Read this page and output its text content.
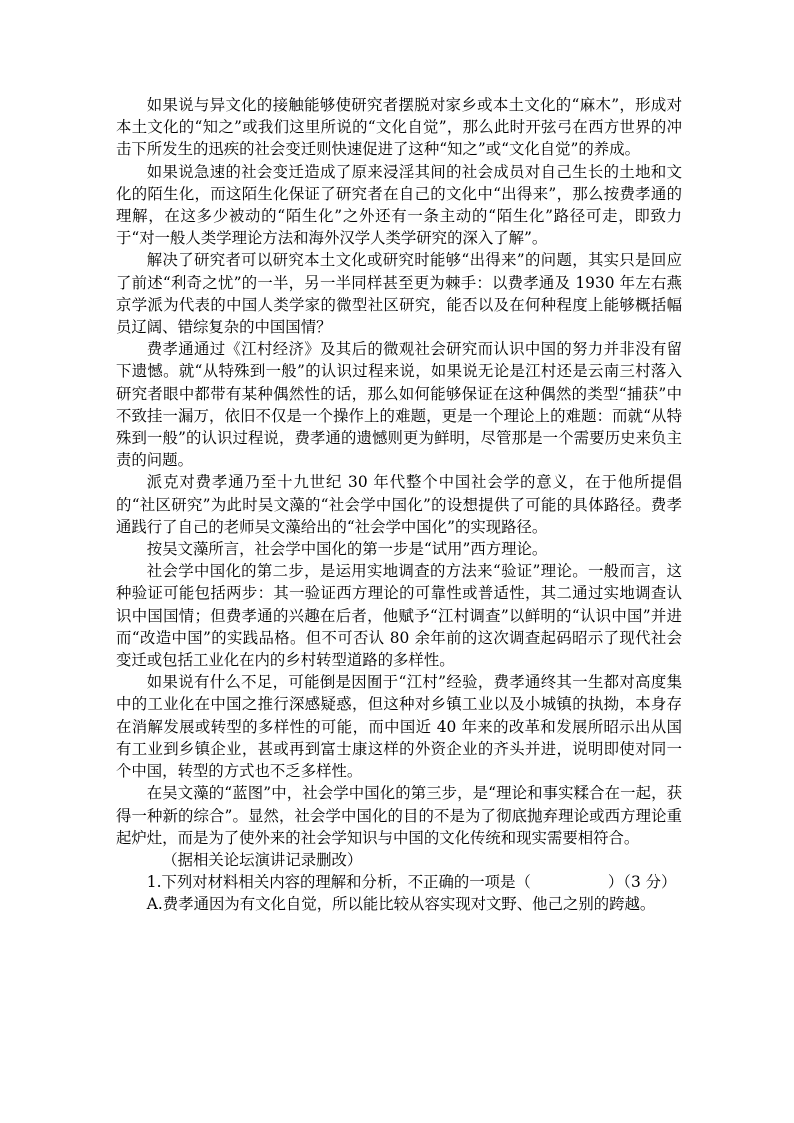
如果说与异文化的接触能够使研究者摆脱对家乡或本土文化的“麻木”，形成对本土文化的“知之”或我们这里所说的“文化自觉”，那么此时开弦弓在西方世界的冲击下所发生的迅疾的社会变迁则快速促进了这种“知之”或“文化自觉”的养成。

如果说急速的社会变迁造成了原来浸淫其间的社会成员对自己生长的土地和文化的陌生化，而这陌生化保证了研究者在自己的文化中“出得来”，那么按费孝通的理解，在这多少被动的“陌生化”之外还有一条主动的“陌生化”路径可走，即致力于“对一般人类学理论方法和海外汉学人类学研究的深入了解”。

解决了研究者可以研究本土文化或研究时能够“出得来”的问题，其实只是回应了前述“利奇之忧”的一半，另一半同样甚至更为棘手：以费孝通及 1930 年左右燕京学派为代表的中国人类学家的微型社区研究，能否以及在何种程度上能够概括幅员辽阔、错综复杂的中国国情？

费孝通通过《江村经济》及其后的微观社会研究而认识中国的努力并非没有留下遗憾。就“从特殊到一般”的认识过程来说，如果说无论是江村还是云南三村落入研究者眼中都带有某种偶然性的话，那么如何能够保证在这种偶然的类型“捕获”中不致挂一漏万，依旧不仅是一个操作上的难题，更是一个理论上的难题：而就“从特殊到一般”的认识过程说，费孝通的遗憾则更为鲜明，尽管那是一个需要历史来负主责的问题。

派克对费孝通乃至十九世纪 30 年代整个中国社会学的意义，在于他所提倡的“社区研究”为此时吴文藻的“社会学中国化”的设想提供了可能的具体路径。费孝通践行了自己的老师吴文藻给出的“社会学中国化”的实现路径。

按吴文藻所言，社会学中国化的第一步是“试用”西方理论。

社会学中国化的第二步，是运用实地调查的方法来“验证”理论。一般而言，这种验证可能包括两步：其一验证西方理论的可靠性或普适性，其二通过实地调查认识中国国情；但费孝通的兴趣在后者，他赋予“江村调查”以鲜明的“认识中国”并进而“改造中国”的实践品格。但不可否认 80 余年前的这次调查起码昭示了现代社会变迁或包括工业化在内的乡村转型道路的多样性。

如果说有什么不足，可能倒是因囿于“江村”经验，费孝通终其一生都对高度集中的工业化在中国之推行深感疑惑，但这种对乡镇工业以及小城镇的执拗，本身存在消解发展或转型的多样性的可能，而中国近 40 年来的改革和发展所昭示出从国有工业到乡镇企业，甚或再到富士康这样的外资企业的齐头并进，说明即使对同一个中国，转型的方式也不乏多样性。

在吴文藻的“蓝图”中，社会学中国化的第三步，是“理论和事实糅合在一起，获得一种新的综合”。显然，社会学中国化的目的不是为了彻底抛弃理论或西方理论重起炉灶，而是为了使外来的社会学知识与中国的文化传统和现实需要相符合。

（据相关论坛演讲记录删改）

1.下列对材料相关内容的理解和分析，不正确的一项是（	）（3 分）

A.费孝通因为有文化自觉，所以能比较从容实现对文野、他己之别的跨越。
